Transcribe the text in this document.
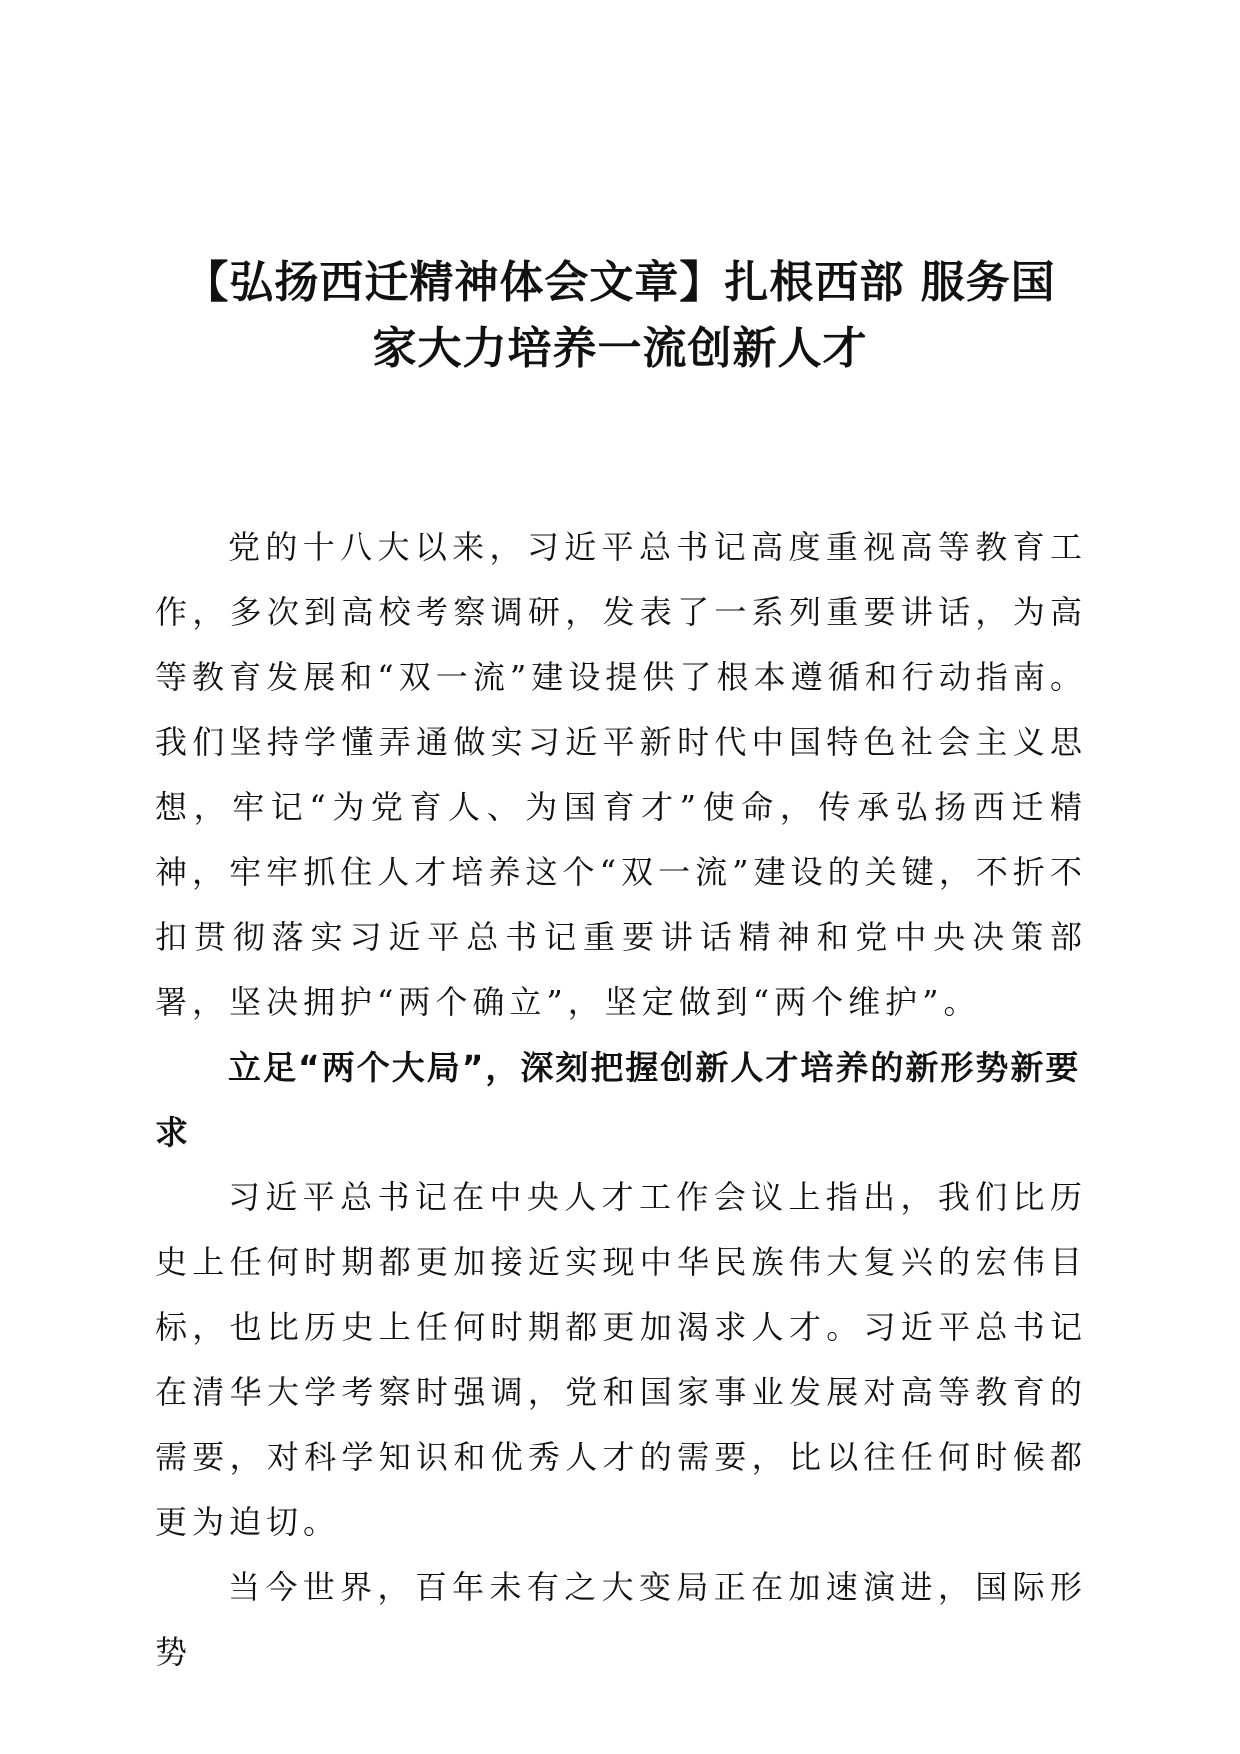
【弘扬西迁精神体会文章】扎根西部 服务国
家大力培养一流创新人才

党的十八大以来，习近平总书记高度重视高等教育工作，多次到高校考察调研，发表了一系列重要讲话，为高等教育发展和“双一流”建设提供了根本遵循和行动指南。我们坚持学懂弄通做实习近平新时代中国特色社会主义思想，牢记“为党育人、为国育才”使命，传承弘扬西迁精神，牢牢抓住人才培养这个“双一流”建设的关键，不折不扣贯彻落实习近平总书记重要讲话精神和党中央决策部署，坚决拥护“两个确立”，坚定做到“两个维护”。

立足“两个大局”，深刻把握创新人才培养的新形势新要求

习近平总书记在中央人才工作会议上指出，我们比历史上任何时期都更加接近实现中华民族伟大复兴的宏伟目标，也比历史上任何时期都更加渴求人才。习近平总书记在清华大学考察时强调，党和国家事业发展对高等教育的需要，对科学知识和优秀人才的需要，比以往任何时候都更为迫切。

当今世界，百年未有之大变局正在加速演进，国际形势
